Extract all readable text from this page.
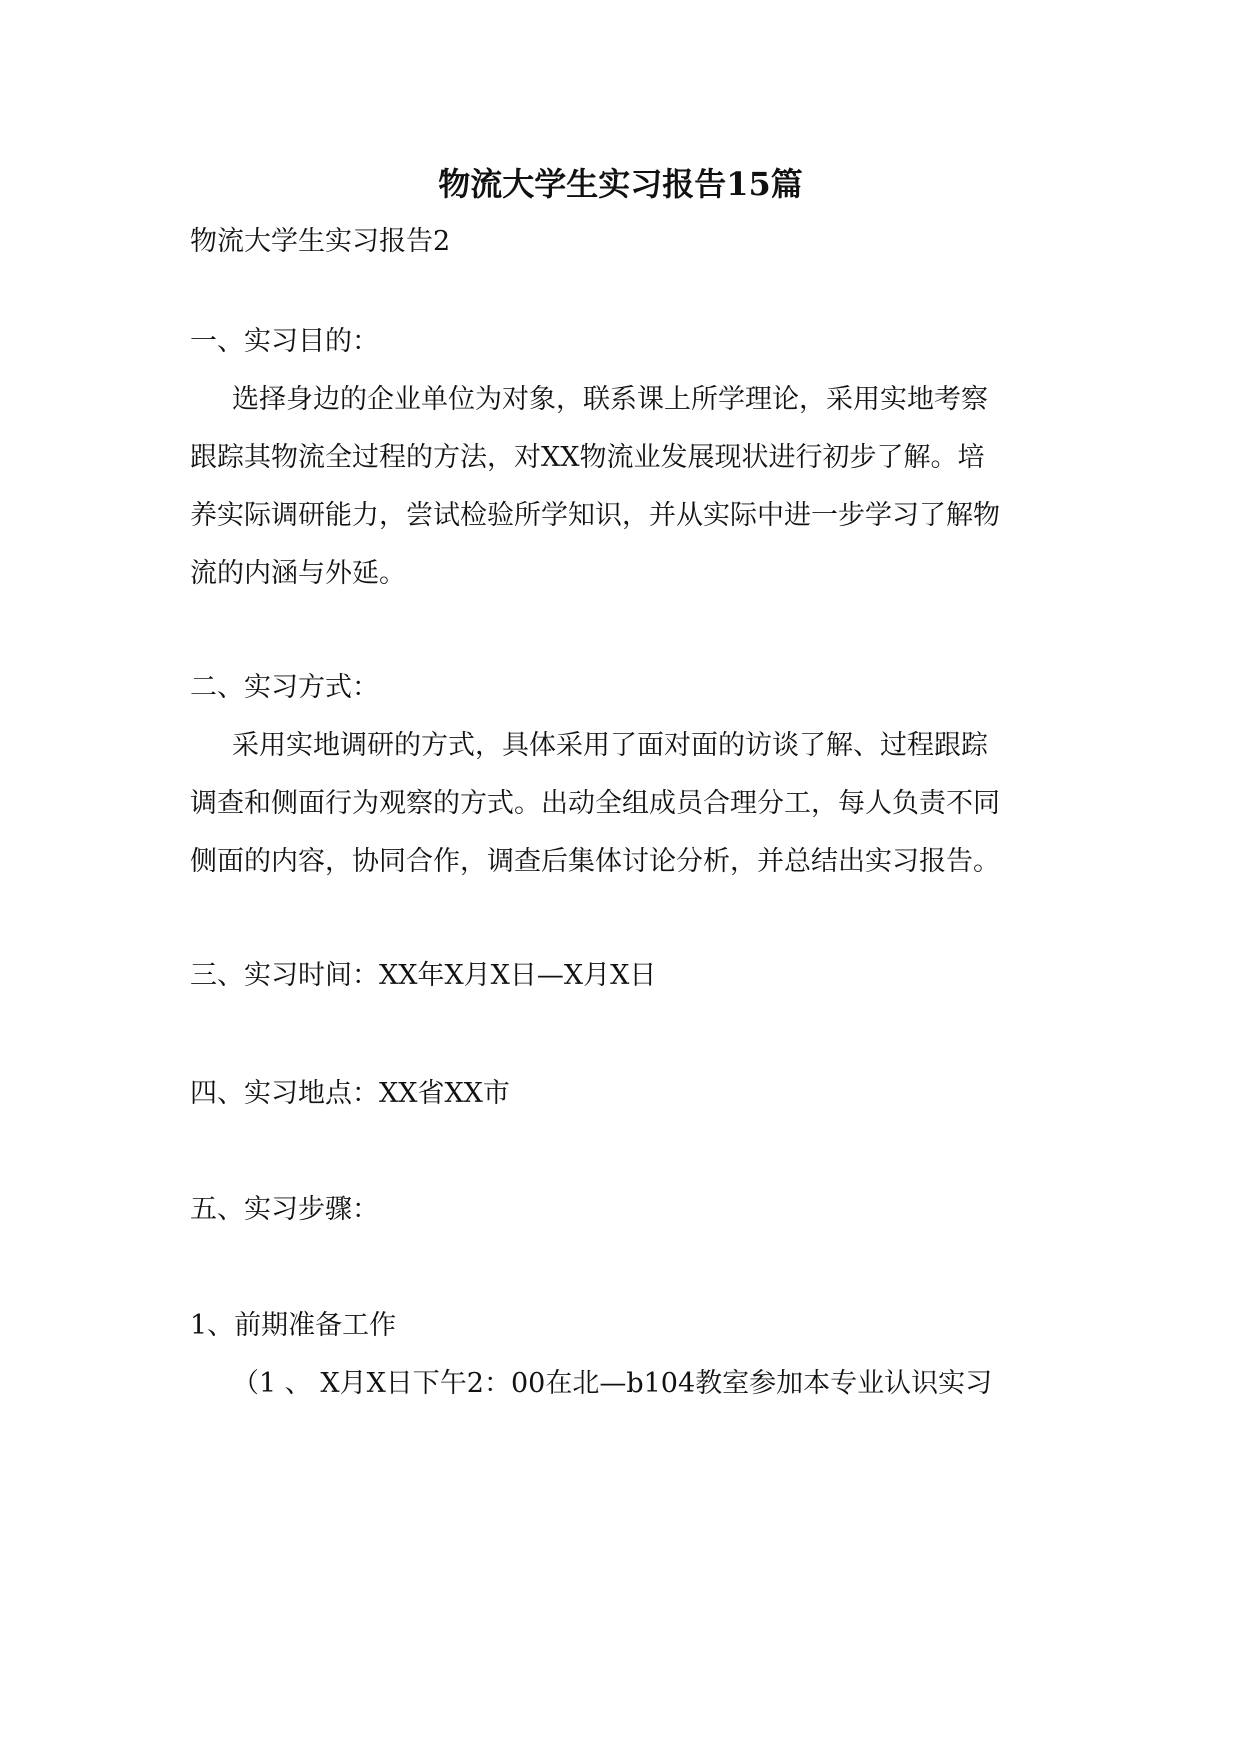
物流大学生实习报告15篇

物流大学生实习报告2

一、实习目的：

选择身边的企业单位为对象，联系课上所学理论，采用实地考察

跟踪其物流全过程的方法，对XX物流业发展现状进行初步了解。培

养实际调研能力，尝试检验所学知识，并从实际中进一步学习了解物

流的内涵与外延。

二、实习方式：

采用实地调研的方式，具体采用了面对面的访谈了解、过程跟踪

调查和侧面行为观察的方式。出动全组成员合理分工，每人负责不同

侧面的内容，协同合作，调查后集体讨论分析，并总结出实习报告。

三、实习时间：XX年X月X日—X月X日

四、实习地点：XX省XX市

五、实习步骤：

1、前期准备工作

（1 、 X月X日下午2：00在北—b104教室参加本专业认识实习
